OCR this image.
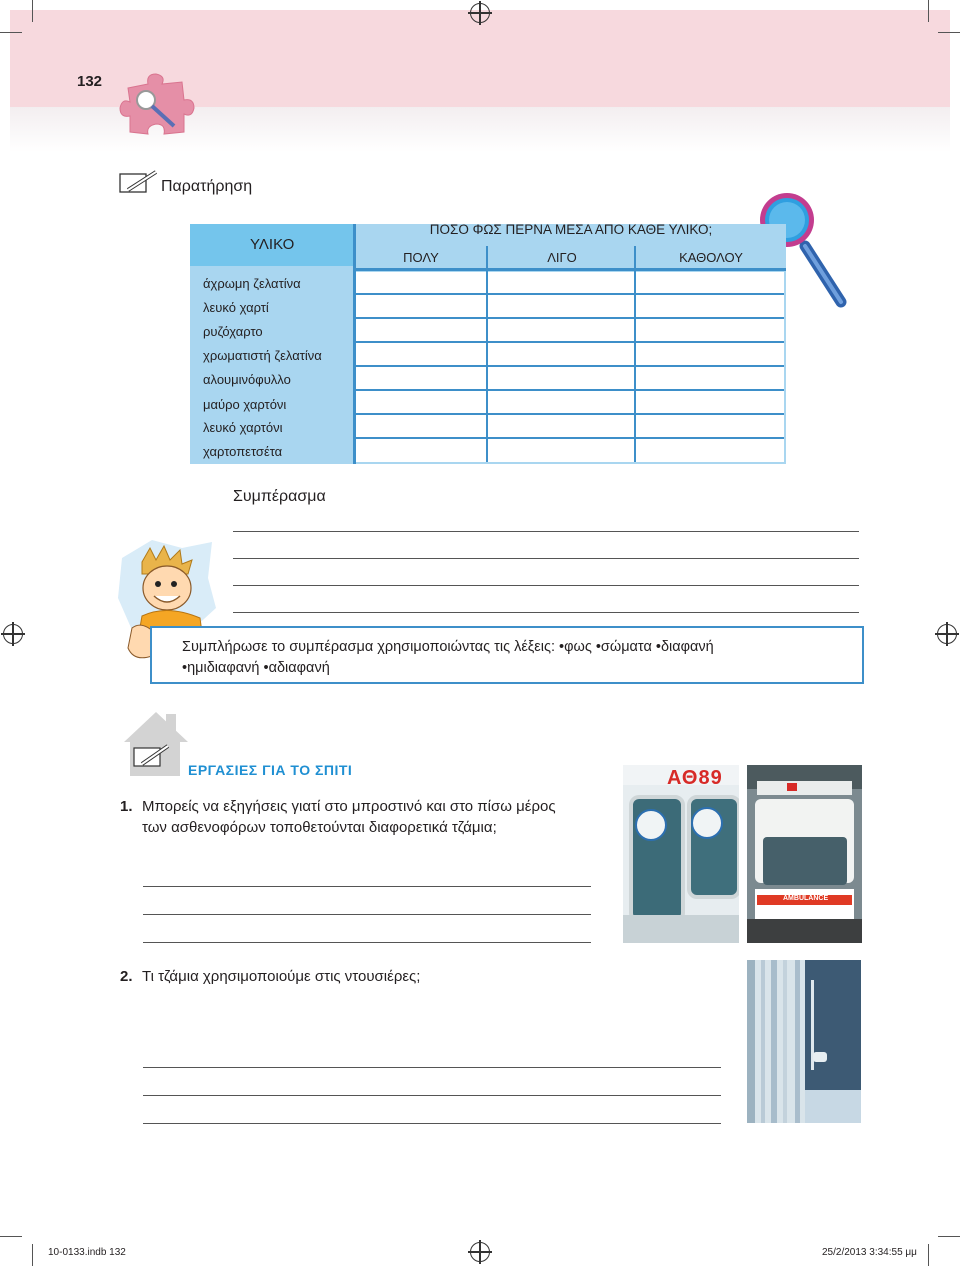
132
Παρατήρηση
ΥΛΙΚΟ
ΠΟΣΟ ΦΩΣ ΠΕΡΝΑ ΜΕΣΑ ΑΠΟ ΚΑΘΕ ΥΛΙΚΟ;
ΠΟΛΥ	ΛΙΓΟ	ΚΑΘΟΛΟΥ
άχρωμη ζελατίνα
λευκό χαρτί
ρυζόχαρτο
χρωματιστή ζελατίνα
αλουμινόφυλλο
μαύρο χαρτόνι
λευκό χαρτόνι
χαρτοπετσέτα
Συμπέρασμα
Συμπλήρωσε το συμπέρασμα χρησιμοποιώντας τις λέξεις: •φως •σώματα •διαφανή
•ημιδιαφανή •αδιαφανή
ΕΡΓΑΣΙΕΣ ΓΙΑ ΤΟ ΣΠΙΤΙ
1. Μπορείς να εξηγήσεις γιατί στο μπροστινό και στο πίσω μέρος
των ασθενοφόρων τοποθετούνται διαφορετικά τζάμια;
2. Τι τζάμια χρησιμοποιούμε στις ντουσιέρες;
ΑΘ89
AMBULANCE
10-0133.indb 132	25/2/2013 3:34:55 μμ
